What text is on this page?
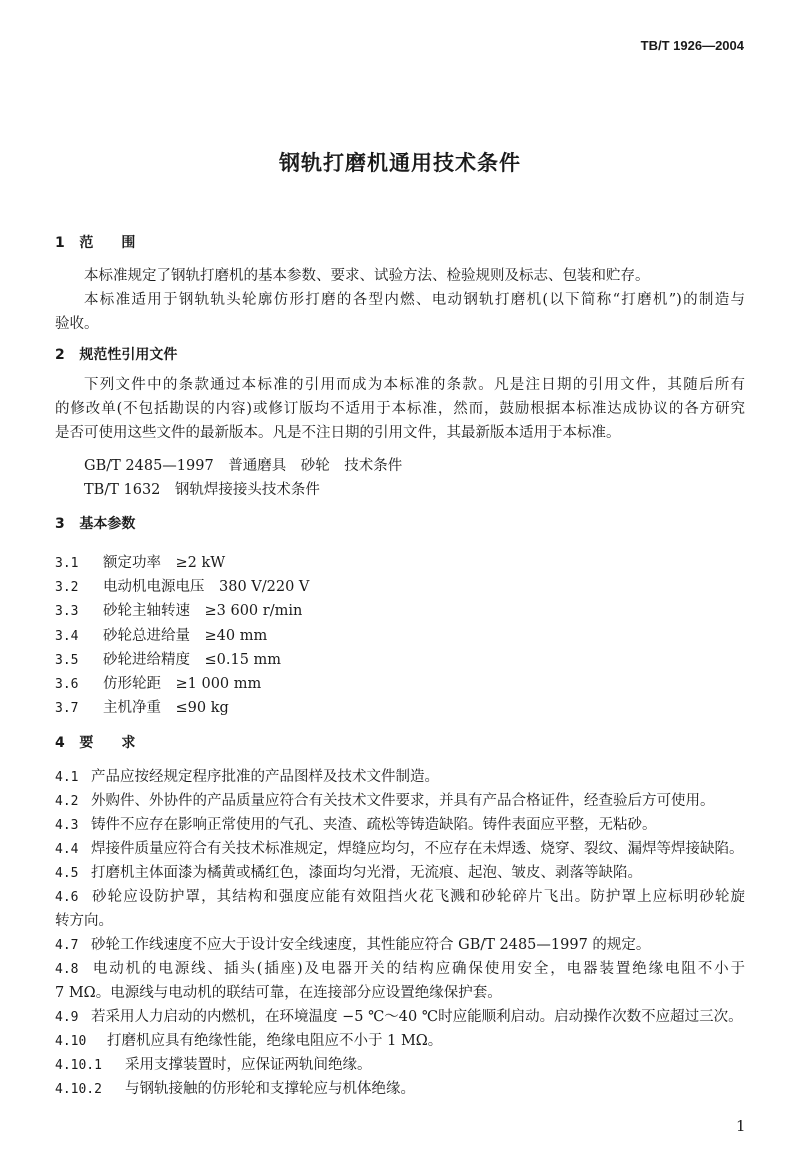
TB/T 1926—2004
钢轨打磨机通用技术条件
1 范　　围
本标准规定了钢轨打磨机的基本参数、要求、试验方法、检验规则及标志、包装和贮存。
本标准适用于钢轨轨头轮廓仿形打磨的各型内燃、电动钢轨打磨机(以下简称“打磨机”)的制造与
验收。
2 规范性引用文件
下列文件中的条款通过本标准的引用而成为本标准的条款。凡是注日期的引用文件，其随后所有
的修改单(不包括勘误的内容)或修订版均不适用于本标准，然而，鼓励根据本标准达成协议的各方研究
是否可使用这些文件的最新版本。凡是不注日期的引用文件，其最新版本适用于本标准。
GB/T 2485—1997　普通磨具　砂轮　技术条件
TB/T 1632　钢轨焊接接头技术条件
3 基本参数
4 要　　求
1
3.1 额定功率　≥2 kW
3.2 电动机电源电压　380 V/220 V
3.3 砂轮主轴转速　≥3 600 r/min
3.4 砂轮总进给量　≥40 mm
3.5 砂轮进给精度　≤0.15 mm
3.6 仿形轮距　≥1 000 mm
3.7 主机净重　≤90 kg
4.1 产品应按经规定程序批准的产品图样及技术文件制造。
4.2 外购件、外协件的产品质量应符合有关技术文件要求，并具有产品合格证件，经查验后方可使用。
4.3 铸件不应存在影响正常使用的气孔、夹渣、疏松等铸造缺陷。铸件表面应平整，无粘砂。
4.4 焊接件质量应符合有关技术标准规定，焊缝应均匀，不应存在未焊透、烧穿、裂纹、漏焊等焊接缺陷。
4.5 打磨机主体面漆为橘黄或橘红色，漆面均匀光滑，无流痕、起泡、皱皮、剥落等缺陷。
4.6 砂轮应设防护罩，其结构和强度应能有效阻挡火花飞溅和砂轮碎片飞出。防护罩上应标明砂轮旋
转方向。
4.7 砂轮工作线速度不应大于设计安全线速度，其性能应符合 GB/T 2485—1997 的规定。
4.8 电动机的电源线、插头(插座)及电器开关的结构应确保使用安全，电器装置绝缘电阻不小于
7 MΩ。电源线与电动机的联结可靠，在连接部分应设置绝缘保护套。
4.9 若采用人力启动的内燃机，在环境温度 −5 ℃～40 ℃时应能顺利启动。启动操作次数不应超过三次。
4.10 打磨机应具有绝缘性能，绝缘电阻应不小于 1 MΩ。
4.10.1 采用支撑装置时，应保证两轨间绝缘。
4.10.2 与钢轨接触的仿形轮和支撑轮应与机体绝缘。
